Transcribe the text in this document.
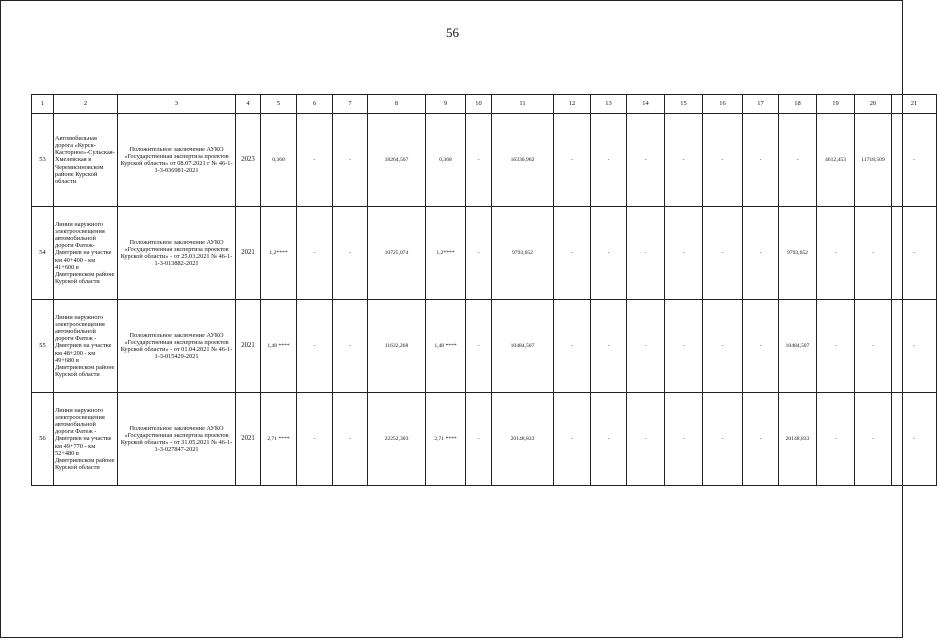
56
1	2	3	4	5	6	7	8	9	10	11	12	13	14	15	16	17	18	19	20	21
53	Автомобильная дорога «Курск-Касторное»-Сульская-Хмелевская в Черемисиновском районе Курской области	Положительное заключение АУКО «Государственная экспертиза проектов Курской области» от 08.07.2021 г № 46-1-1-3-036981-2021	2023	0,368	-	-	18264,507	0,368	-	16330,962	-	-	-	-	-	-	-	4612,453	11718,509	-
54	Линии наружного электроосвещения автомобильной дороги Фатеж-Дмитриев на участке км 40+400 - км 41+600 в Дмитриевском районе Курской области	Положительное заключение АУКО «Государственная экспертиза проектов Курской области» - от 25.03.2021 № 46-1-1-3-013882-2021	2021	1,2****	-	-	10725,074	1,2****	-	9793,652	-	-	-	-	-	-	9793,652	-	-	-
55	Линии наружного электроосвещения автомобильной дороги Фатеж - Дмитриев на участке км 48+200 - км 49+680 в Дмитриевском районе Курской области	Положительное заключение АУКО «Государственная экспертиза проектов Курской области» - от 01.04.2021 № 46-1-1-3-015429-2021	2021	1,48 ****	-	-	11632,268	1,48 ****	-	10484,507	-	-	-	-	-	-	10484,507	-	-	-
56	Линии наружного электроосвещения автомобильной дороги Фатеж - Дмитриев на участке км 49+770 - км 52+480 в Дмитриевском районе Курской области	Положительное заключение АУКО «Государственная экспертиза проектов Курской области» - от 31.05.2021 № 46-1-1-3-027847-2021	2021	2,71 ****	-	-	22252,303	2,71 ****	-	20148,833	-	-	-	-	-	-	20148,833	-	-	-
